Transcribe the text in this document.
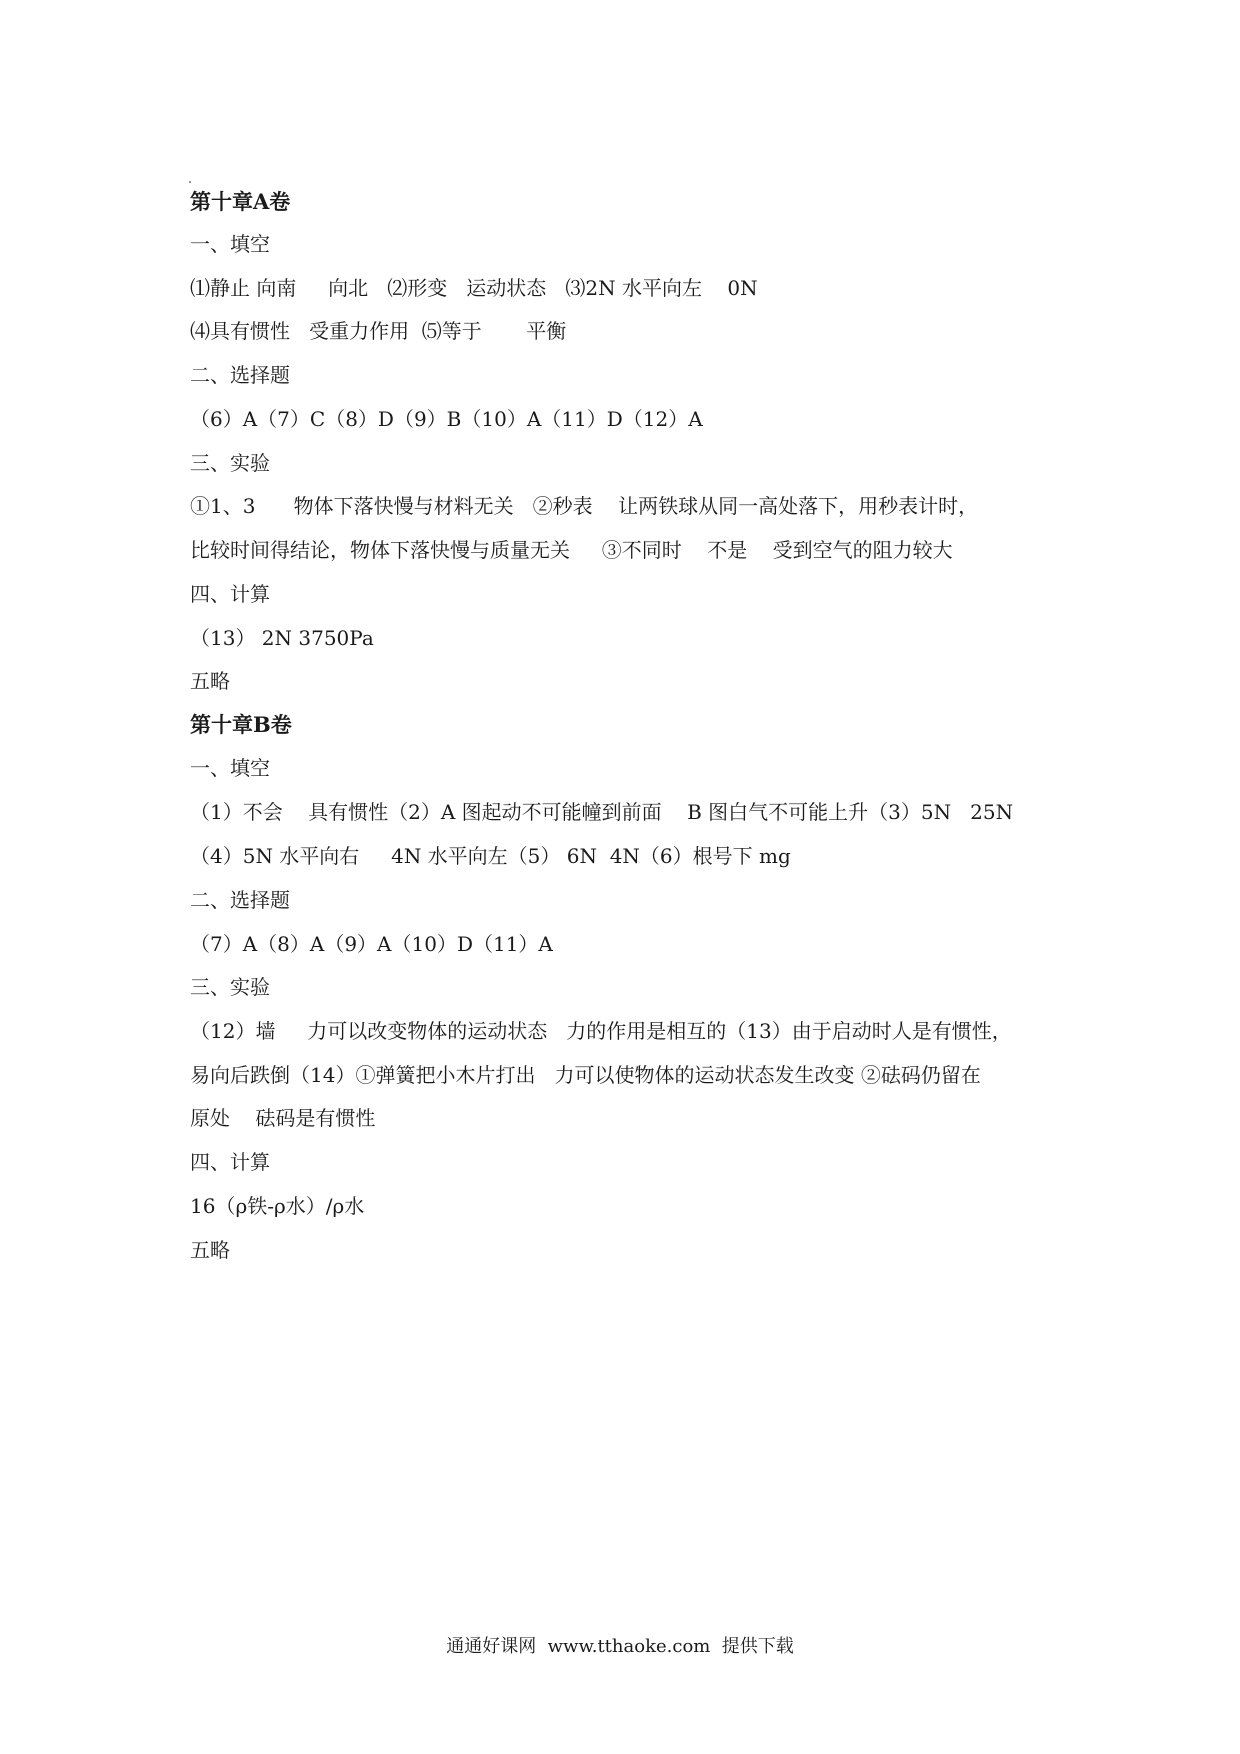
第十章A卷
一、填空
⑴静止 向南     向北   ⑵形变   运动状态   ⑶2N 水平向左    0N
⑷具有惯性   受重力作用  ⑸等于       平衡
二、选择题
（6）A（7）C（8）D（9）B（10）A（11）D（12）A
三、实验
①1、3      物体下落快慢与材料无关   ②秒表    让两铁球从同一高处落下，用秒表计时，
比较时间得结论，物体下落快慢与质量无关     ③不同时    不是    受到空气的阻力较大
四、计算
（13） 2N 3750Pa
五略
第十章B卷
一、填空
（1）不会    具有惯性（2）A 图起动不可能幢到前面    B 图白气不可能上升（3）5N   25N
（4）5N 水平向右     4N 水平向左（5） 6N  4N（6）根号下 mg
二、选择题
（7）A（8）A（9）A（10）D（11）A
三、实验
（12）墙     力可以改变物体的运动状态   力的作用是相互的（13）由于启动时人是有惯性，
易向后跌倒（14）①弹簧把小木片打出   力可以使物体的运动状态发生改变 ②砝码仍留在
原处    砝码是有惯性
四、计算
16（ρ铁-ρ水）/ρ水
五略
通通好课网  www.tthaoke.com  提供下载
